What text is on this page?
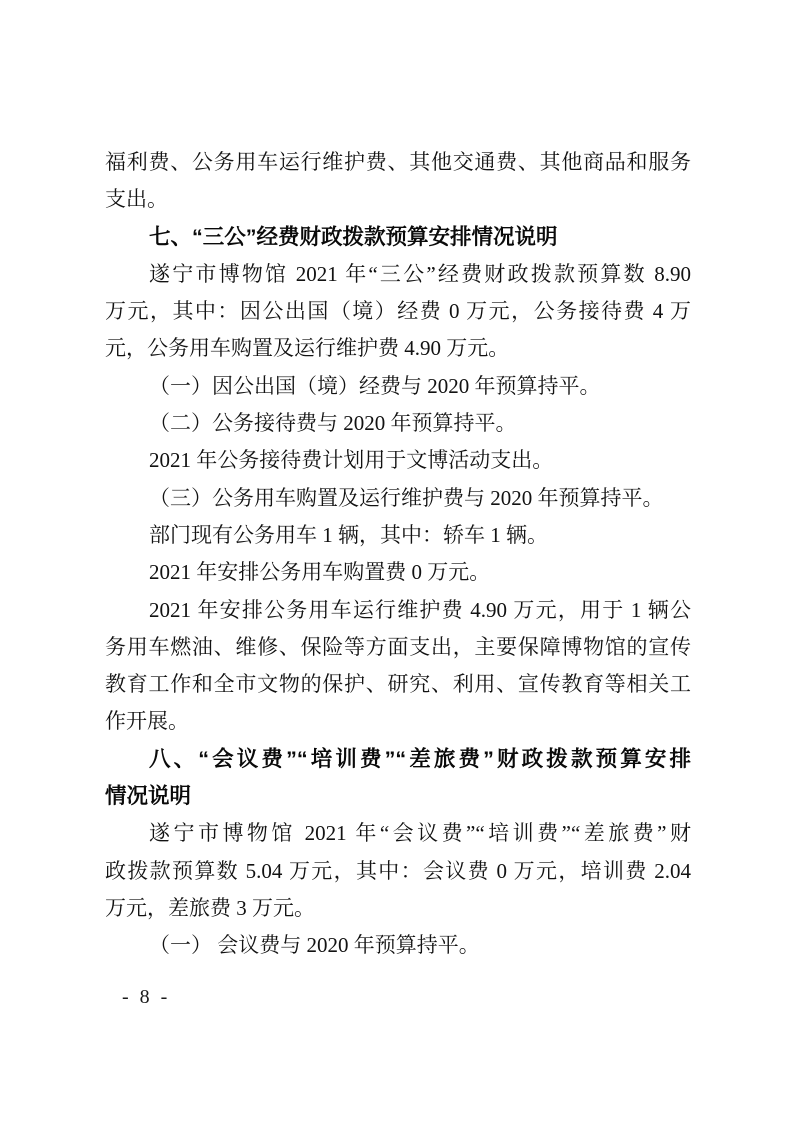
福利费、公务用车运行维护费、其他交通费、其他商品和服务
支出。
七、“三公”经费财政拨款预算安排情况说明
遂宁市博物馆 2021 年“三公”经费财政拨款预算数 8.90
万元，其中：因公出国（境）经费 0 万元，公务接待费 4 万
元，公务用车购置及运行维护费 4.90 万元。
（一）因公出国（境）经费与 2020 年预算持平。
（二）公务接待费与 2020 年预算持平。
2021 年公务接待费计划用于文博活动支出。
（三）公务用车购置及运行维护费与 2020 年预算持平。
部门现有公务用车 1 辆，其中：轿车 1 辆。
2021 年安排公务用车购置费 0 万元。
2021 年安排公务用车运行维护费 4.90 万元，用于 1 辆公
务用车燃油、维修、保险等方面支出，主要保障博物馆的宣传
教育工作和全市文物的保护、研究、利用、宣传教育等相关工
作开展。
八、“会议费”“培训费”“差旅费”财政拨款预算安排
情况说明
遂宁市博物馆 2021 年“会议费”“培训费”“差旅费”财
政拨款预算数 5.04 万元，其中：会议费 0 万元，培训费 2.04
万元，差旅费 3 万元。
（一） 会议费与 2020 年预算持平。
- 8 -
